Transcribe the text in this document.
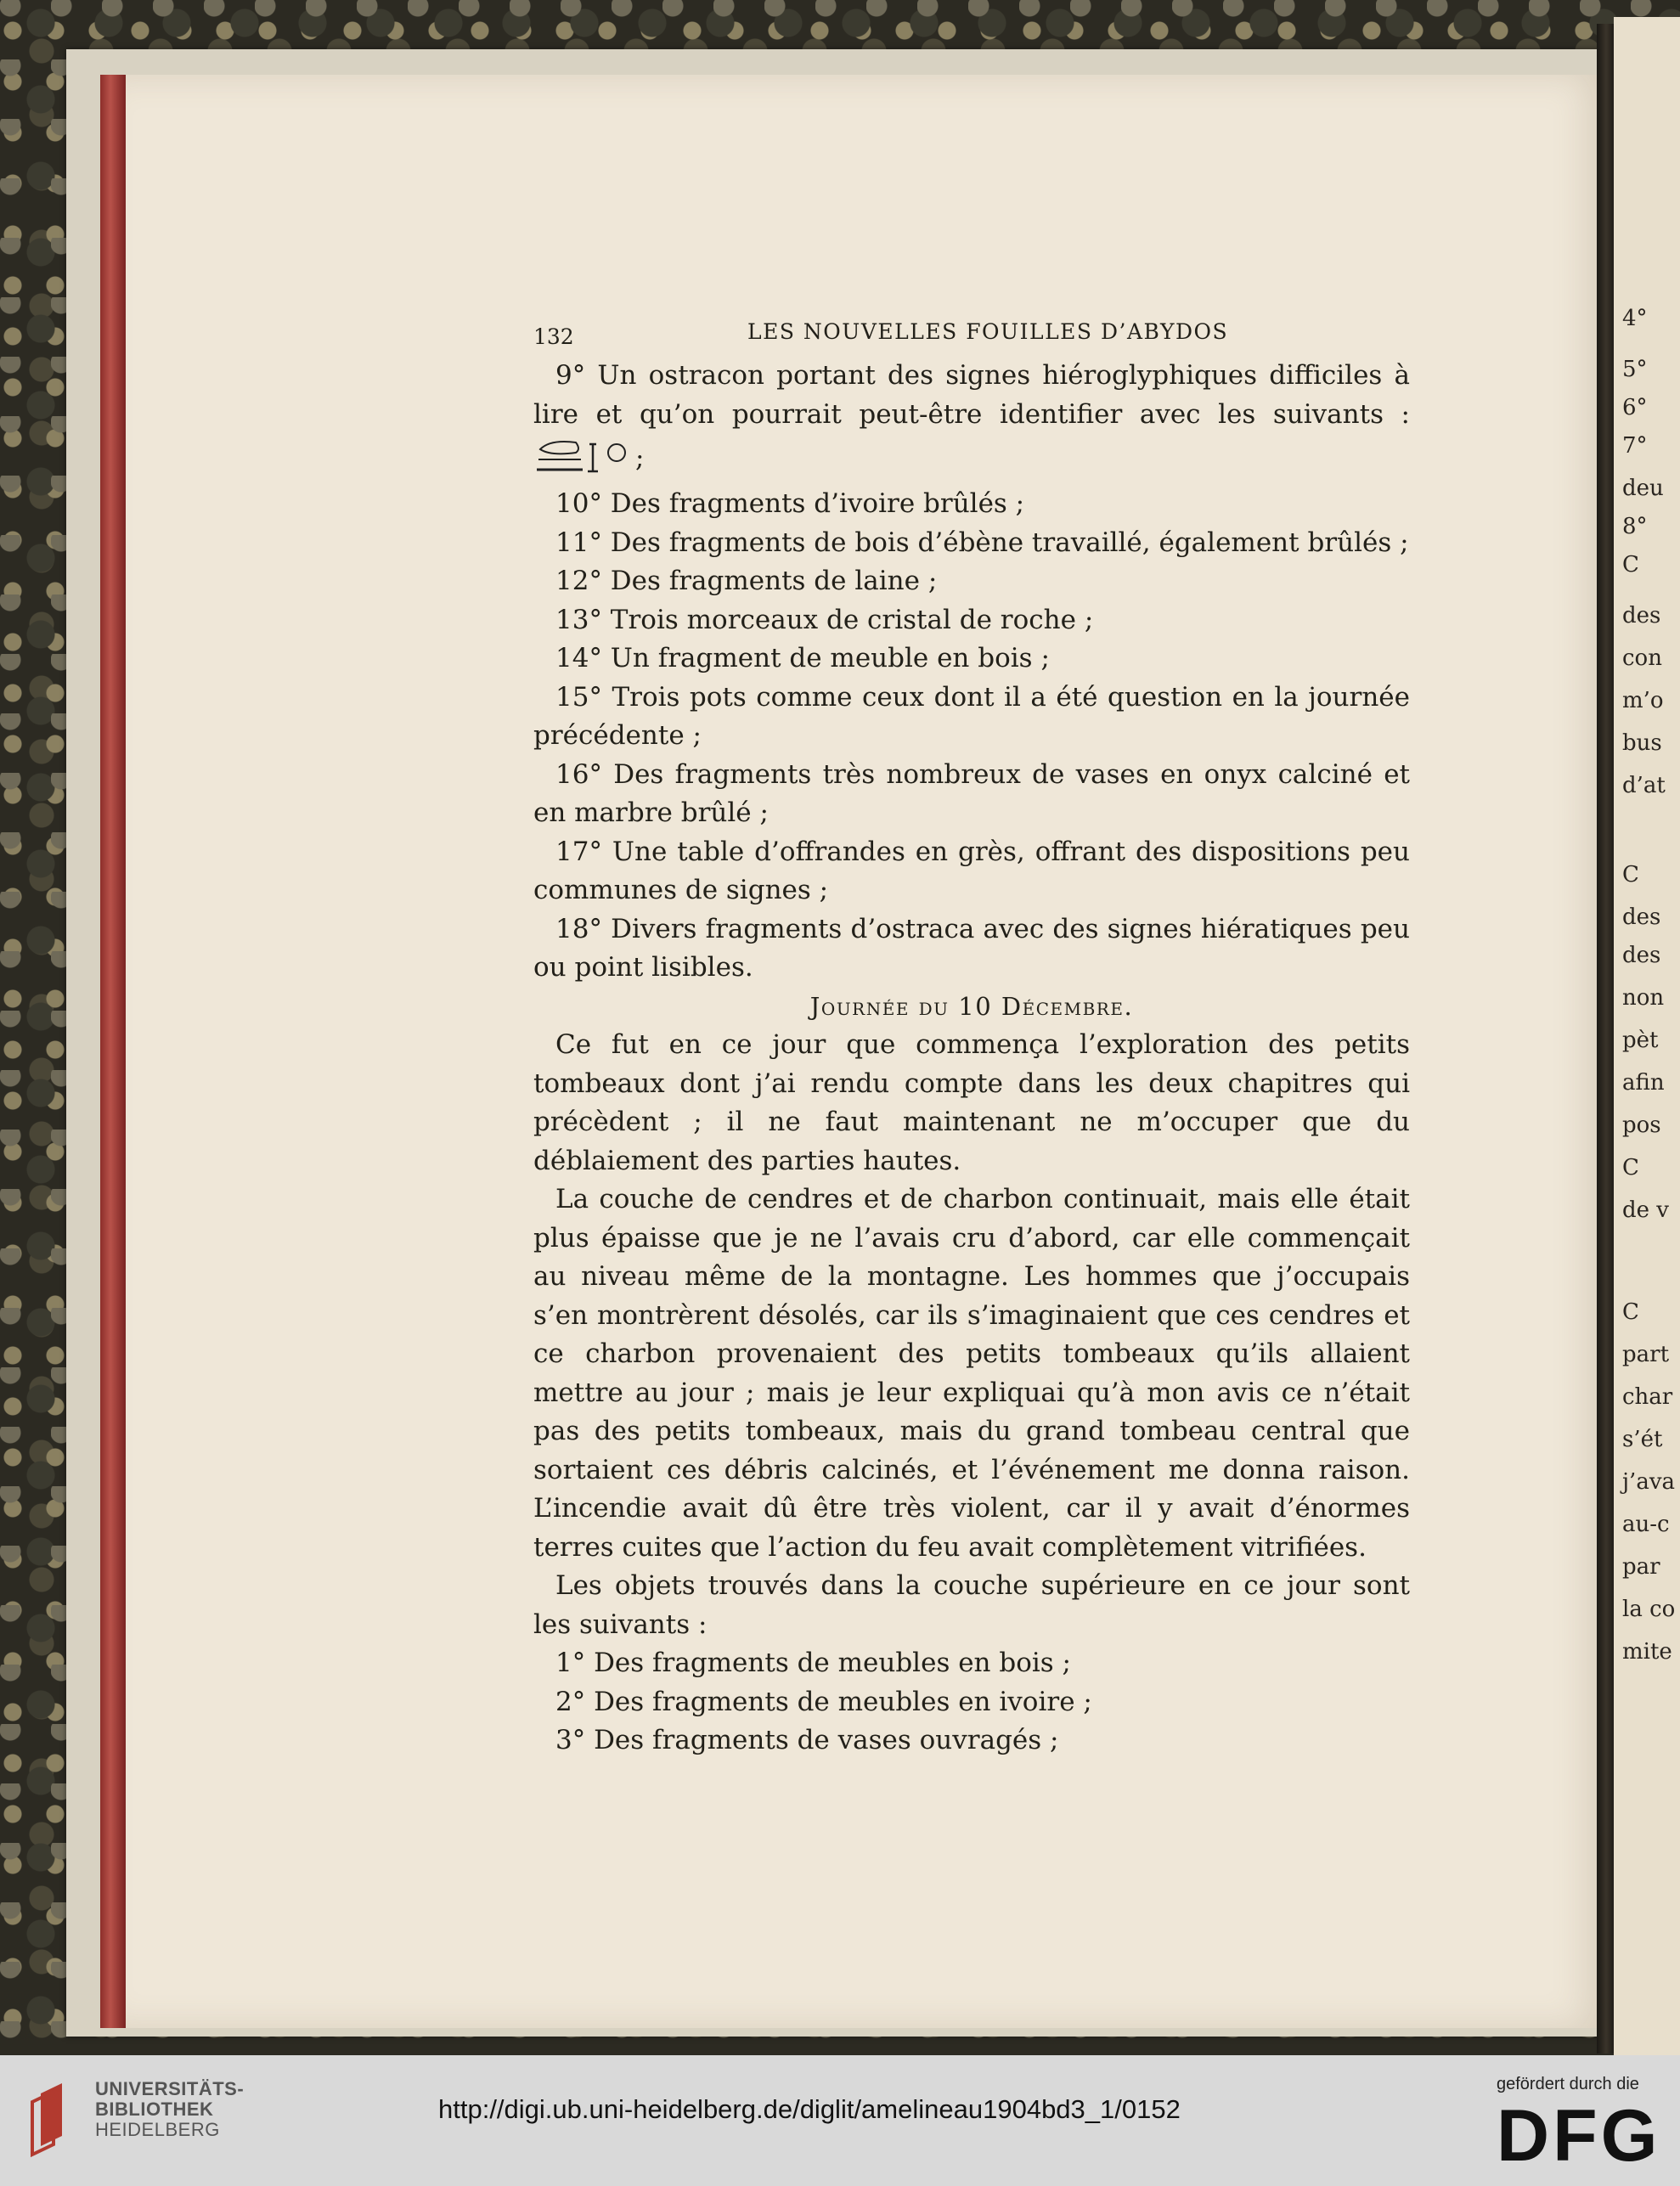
4°
5°
6°
7°
deu
8°
C
des
con
m’o
bus
d’at
C
des
des
non
pèt
afin
pos
C
de v
C
part
char
s’ét
j’ava
au-c
par
la co
mite
132	LES NOUVELLES FOUILLES D’ABYDOS

9° Un ostracon portant des signes hiéroglyphiques difficiles à lire et qu’on pourrait peut-être identifier avec les suivants : ;

10° Des fragments d’ivoire brûlés ;

11° Des fragments de bois d’ébène travaillé, également brûlés ;

12° Des fragments de laine ;

13° Trois morceaux de cristal de roche ;

14° Un fragment de meuble en bois ;

15° Trois pots comme ceux dont il a été question en la journée précédente ;

16° Des fragments très nombreux de vases en onyx calciné et en marbre brûlé ;

17° Une table d’offrandes en grès, offrant des dispositions peu communes de signes ;

18° Divers fragments d’ostraca avec des signes hiératiques peu ou point lisibles.

Journée du 10 Décembre.

Ce fut en ce jour que commença l’exploration des petits tombeaux dont j’ai rendu compte dans les deux chapitres qui précèdent ; il ne faut maintenant ne m’occuper que du déblaiement des parties hautes.

La couche de cendres et de charbon continuait, mais elle était plus épaisse que je ne l’avais cru d’abord, car elle commençait au niveau même de la montagne. Les hommes que j’occupais s’en montrèrent désolés, car ils s’imaginaient que ces cendres et ce charbon provenaient des petits tombeaux qu’ils allaient mettre au jour ; mais je leur expliquai qu’à mon avis ce n’était pas des petits tombeaux, mais du grand tombeau central que sortaient ces débris calcinés, et l’événement me donna raison. L’incendie avait dû être très violent, car il y avait d’énormes terres cuites que l’action du feu avait complètement vitrifiées.

Les objets trouvés dans la couche supérieure en ce jour sont les suivants :

1° Des fragments de meubles en bois ;

2° Des fragments de meubles en ivoire ;

3° Des fragments de vases ouvragés ;

UNIVERSITÄTS-
BIBLIOTHEK
HEIDELBERG
http://digi.ub.uni-heidelberg.de/diglit/amelineau1904bd3_1/0152
gefördert durch die
DFG
